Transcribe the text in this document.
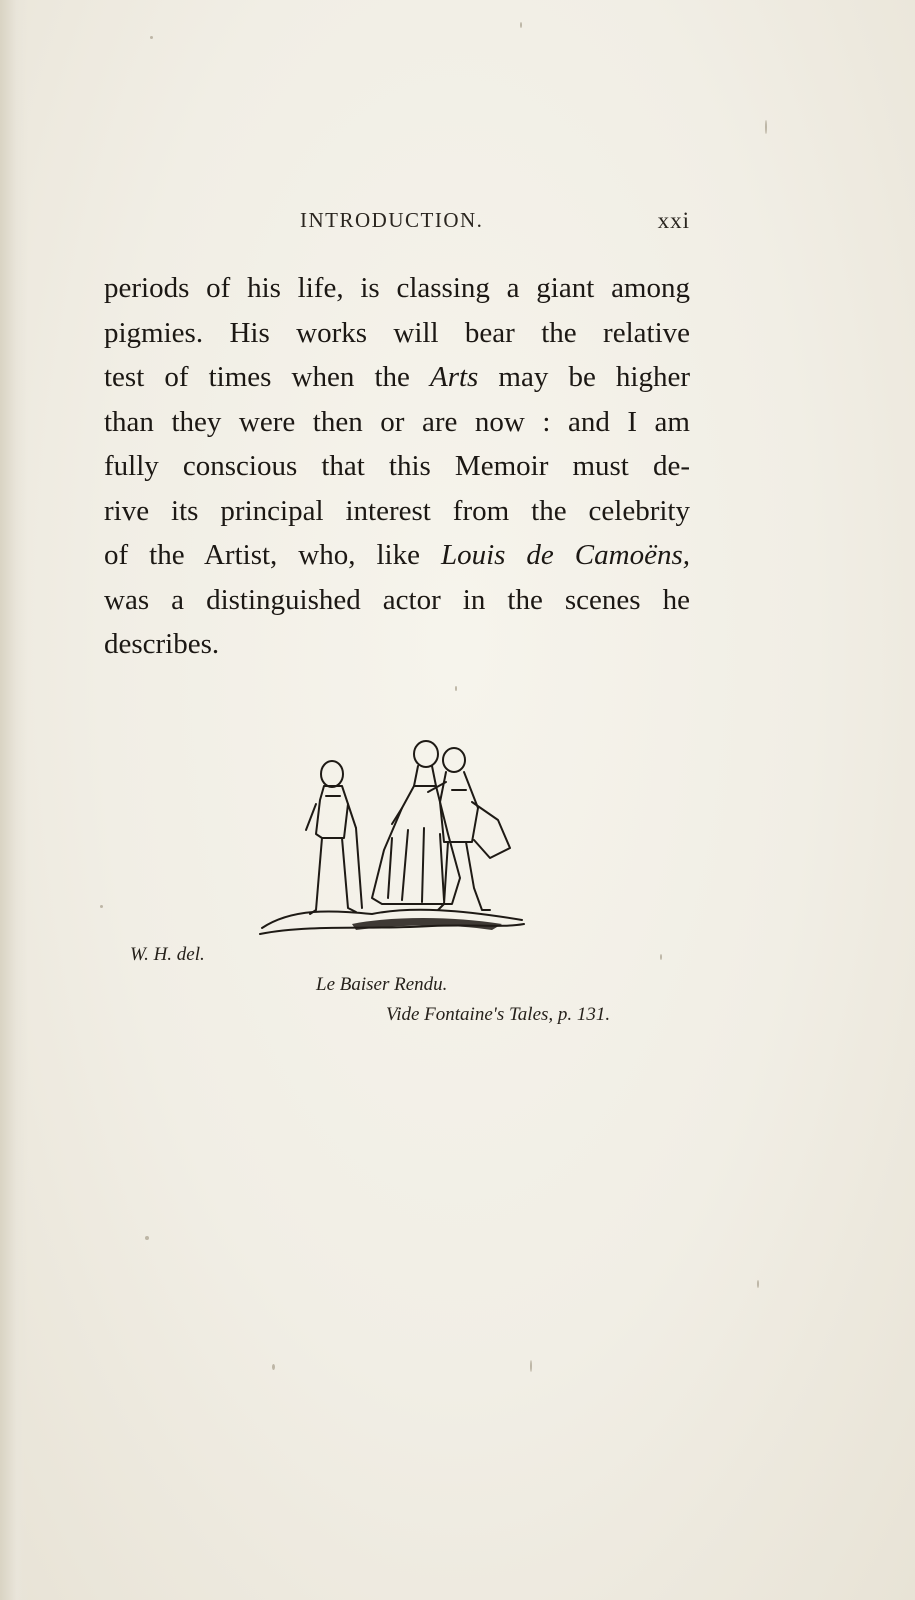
INTRODUCTION.	xxi
periods of his life, is classing a giant among
pigmies. His works will bear the relative
test of times when the Arts may be higher
than they were then or are now : and I am
fully conscious that this Memoir must de-
rive its principal interest from the celebrity
of the Artist, who, like Louis de Camoëns,
was a distinguished actor in the scenes he
describes.
W. H. del.
Le Baiser Rendu.
Vide Fontaine's Tales, p. 131.
